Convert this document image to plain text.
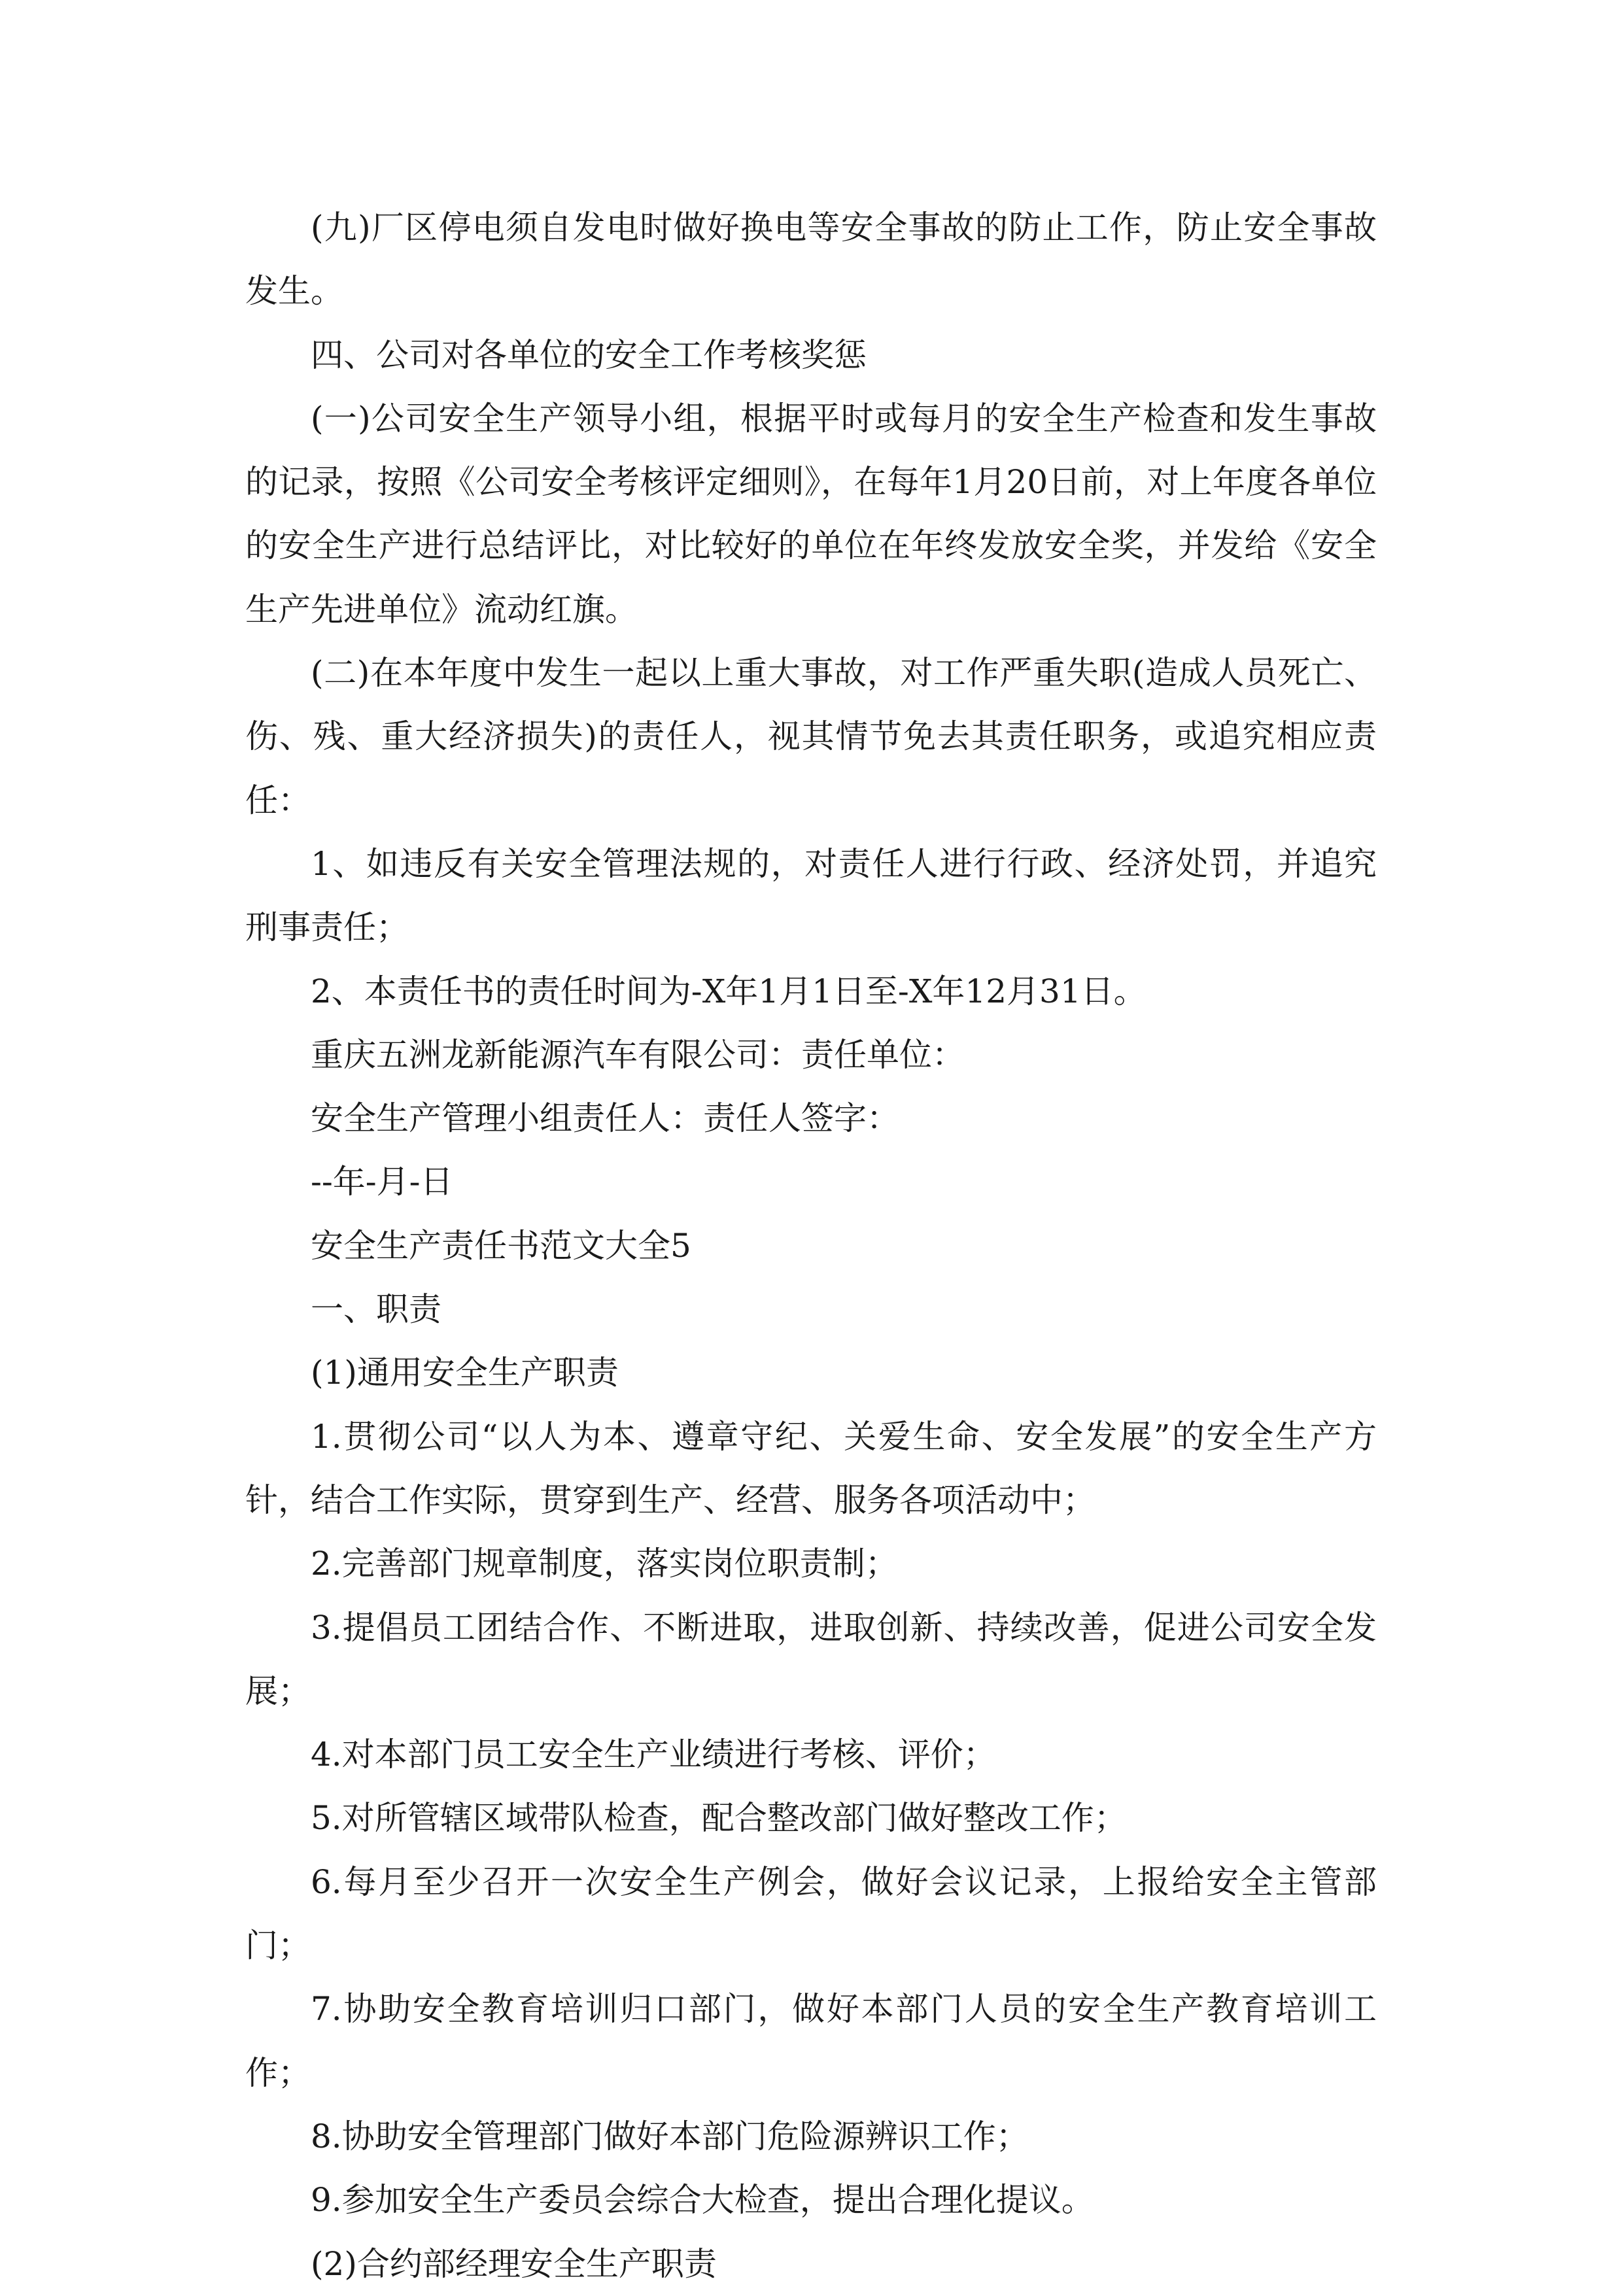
(九)厂区停电须自发电时做好换电等安全事故的防止工作，防止安全事故发生。

四、公司对各单位的安全工作考核奖惩

(一)公司安全生产领导小组，根据平时或每月的安全生产检查和发生事故的记录，按照《公司安全考核评定细则》，在每年1月20日前，对上年度各单位的安全生产进行总结评比，对比较好的单位在年终发放安全奖，并发给《安全生产先进单位》流动红旗。

(二)在本年度中发生一起以上重大事故，对工作严重失职(造成人员死亡、伤、残、重大经济损失)的责任人，视其情节免去其责任职务，或追究相应责任：

1、如违反有关安全管理法规的，对责任人进行行政、经济处罚，并追究刑事责任；

2、本责任书的责任时间为-X年1月1日至-X年12月31日。

重庆五洲龙新能源汽车有限公司：责任单位：

安全生产管理小组责任人：责任人签字：

--年-月-日

安全生产责任书范文大全5

一、职责

(1)通用安全生产职责

1.贯彻公司“以人为本、遵章守纪、关爱生命、安全发展”的安全生产方针，结合工作实际，贯穿到生产、经营、服务各项活动中；

2.完善部门规章制度，落实岗位职责制；

3.提倡员工团结合作、不断进取，进取创新、持续改善，促进公司安全发展；

4.对本部门员工安全生产业绩进行考核、评价；

5.对所管辖区域带队检查，配合整改部门做好整改工作；

6.每月至少召开一次安全生产例会，做好会议记录，上报给安全主管部门；

7.协助安全教育培训归口部门，做好本部门人员的安全生产教育培训工作；

8.协助安全管理部门做好本部门危险源辨识工作；

9.参加安全生产委员会综合大检查，提出合理化提议。

(2)合约部经理安全生产职责
